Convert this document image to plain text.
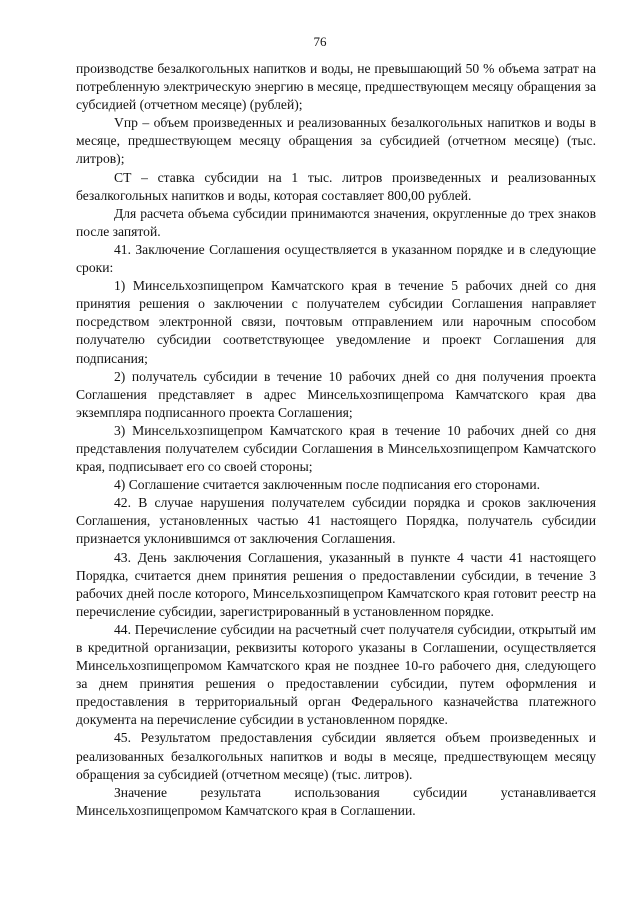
76

производстве безалкогольных напитков и воды, не превышающий 50 % объема затрат на потребленную электрическую энергию в месяце, предшествующем месяцу обращения за субсидией (отчетном месяце) (рублей);

Vпр – объем произведенных и реализованных безалкогольных напитков и воды в месяце, предшествующем месяцу обращения за субсидией (отчетном месяце) (тыс. литров);

СТ – ставка субсидии на 1 тыс. литров произведенных и реализованных безалкогольных напитков и воды, которая составляет 800,00 рублей.

Для расчета объема субсидии принимаются значения, округленные до трех знаков после запятой.

41. Заключение Соглашения осуществляется в указанном порядке и в следующие сроки:

1) Минсельхозпищепром Камчатского края в течение 5 рабочих дней со дня принятия решения о заключении с получателем субсидии Соглашения направляет посредством электронной связи, почтовым отправлением или нарочным способом получателю субсидии соответствующее уведомление и проект Соглашения для подписания;

2) получатель субсидии в течение 10 рабочих дней со дня получения проекта Соглашения представляет в адрес Минсельхозпищепрома Камчатского края два экземпляра подписанного проекта Соглашения;

3) Минсельхозпищепром Камчатского края в течение 10 рабочих дней со дня представления получателем субсидии Соглашения в Минсельхозпищепром Камчатского края, подписывает его со своей стороны;

4) Соглашение считается заключенным после подписания его сторонами.

42. В случае нарушения получателем субсидии порядка и сроков заключения Соглашения, установленных частью 41 настоящего Порядка, получатель субсидии признается уклонившимся от заключения Соглашения.

43. День заключения Соглашения, указанный в пункте 4 части 41 настоящего Порядка, считается днем принятия решения о предоставлении субсидии, в течение 3 рабочих дней после которого, Минсельхозпищепром Камчатского края готовит реестр на перечисление субсидии, зарегистрированный в установленном порядке.

44. Перечисление субсидии на расчетный счет получателя субсидии, открытый им в кредитной организации, реквизиты которого указаны в Соглашении, осуществляется Минсельхозпищепромом Камчатского края не позднее 10-го рабочего дня, следующего за днем принятия решения о предоставлении субсидии, путем оформления и предоставления в территориальный орган Федерального казначейства платежного документа на перечисление субсидии в установленном порядке.

45. Результатом предоставления субсидии является объем произведенных и реализованных безалкогольных напитков и воды в месяце, предшествующем месяцу обращения за субсидией (отчетном месяце) (тыс. литров).

Значение результата использования субсидии устанавливается Минсельхозпищепромом Камчатского края в Соглашении.
